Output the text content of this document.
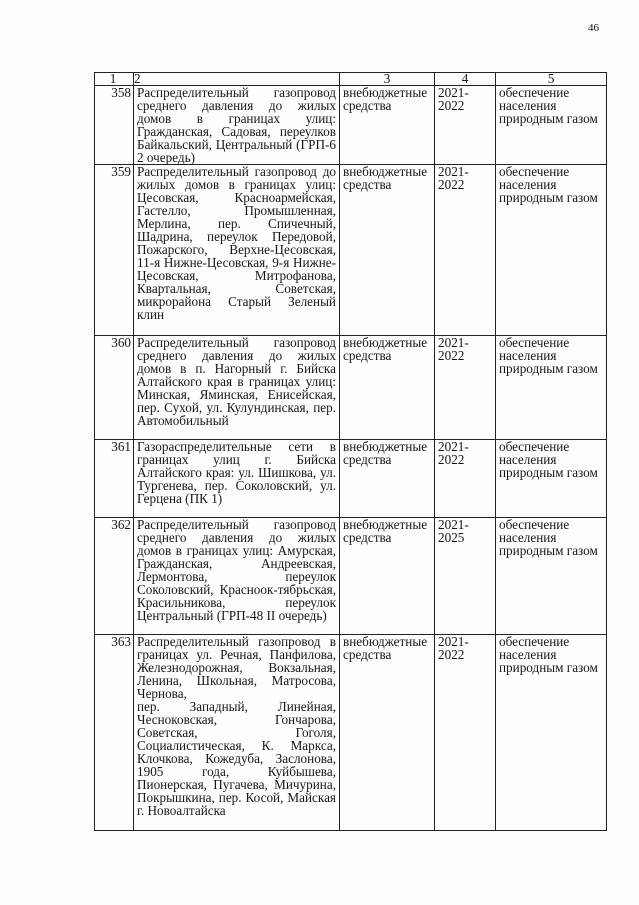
46
1	2	3	4	5
358	Распределительный газопровод среднего давления до жилых домов в границах улиц: Гражданская, Садовая, переулков Байкальский, Центральный (ГРП-6 2 очередь)	внебюджетные средства	2021-2022	обеспечение населения природным газом
359	Распределительный газопровод до жилых домов в границах улиц: Цесовская, Красноармейская, Гастелло, Промышленная, Мерлина, пер. Спичечный, Шадрина, переулок Передовой, Пожарского, Верхне-Цесовская, 11-я Нижне-Цесовская, 9-я Нижне-Цесовская, Митрофанова, Квартальная, Советская, микрорайона Старый Зеленый клин	внебюджетные средства	2021-2022	обеспечение населения природным газом
360	Распределительный газопровод среднего давления до жилых домов в п. Нагорный г. Бийска Алтайского края в границах улиц: Минская, Яминская, Енисейская, пер. Сухой, ул. Кулундинская, пер. Автомобильный	внебюджетные средства	2021-2022	обеспечение населения природным газом
361	Газораспределительные сети в границах улиц г. Бийска Алтайского края: ул. Шишкова, ул. Тургенева, пер. Соколовский, ул. Герцена (ПК 1)	внебюджетные средства	2021-2022	обеспечение населения природным газом
362	Распределительный газопровод среднего давления до жилых домов в границах улиц: Амурская, Гражданская, Андреевская, Лермонтова, переулок Соколовский, Красноок-тябрьская, Красильникова, переулок Центральный (ГРП-48 II очередь)	внебюджетные средства	2021-2025	обеспечение населения природным газом
363	Распределительный газопровод в границах ул. Речная, Панфилова, Железнодорожная, Вокзальная, Ленина, Школьная, Матросова, Чернова,
пер. Западный, Линейная, Чесноковская, Гончарова, Советская, Гоголя, Социалистическая, К. Маркса, Клочкова, Кожедуба, Заслонова, 1905 года, Куйбышева, Пионерская, Пугачева, Мичурина, Покрышкина, пер. Косой, Майская г. Новоалтайска	внебюджетные средства	2021-2022	обеспечение населения природным газом
